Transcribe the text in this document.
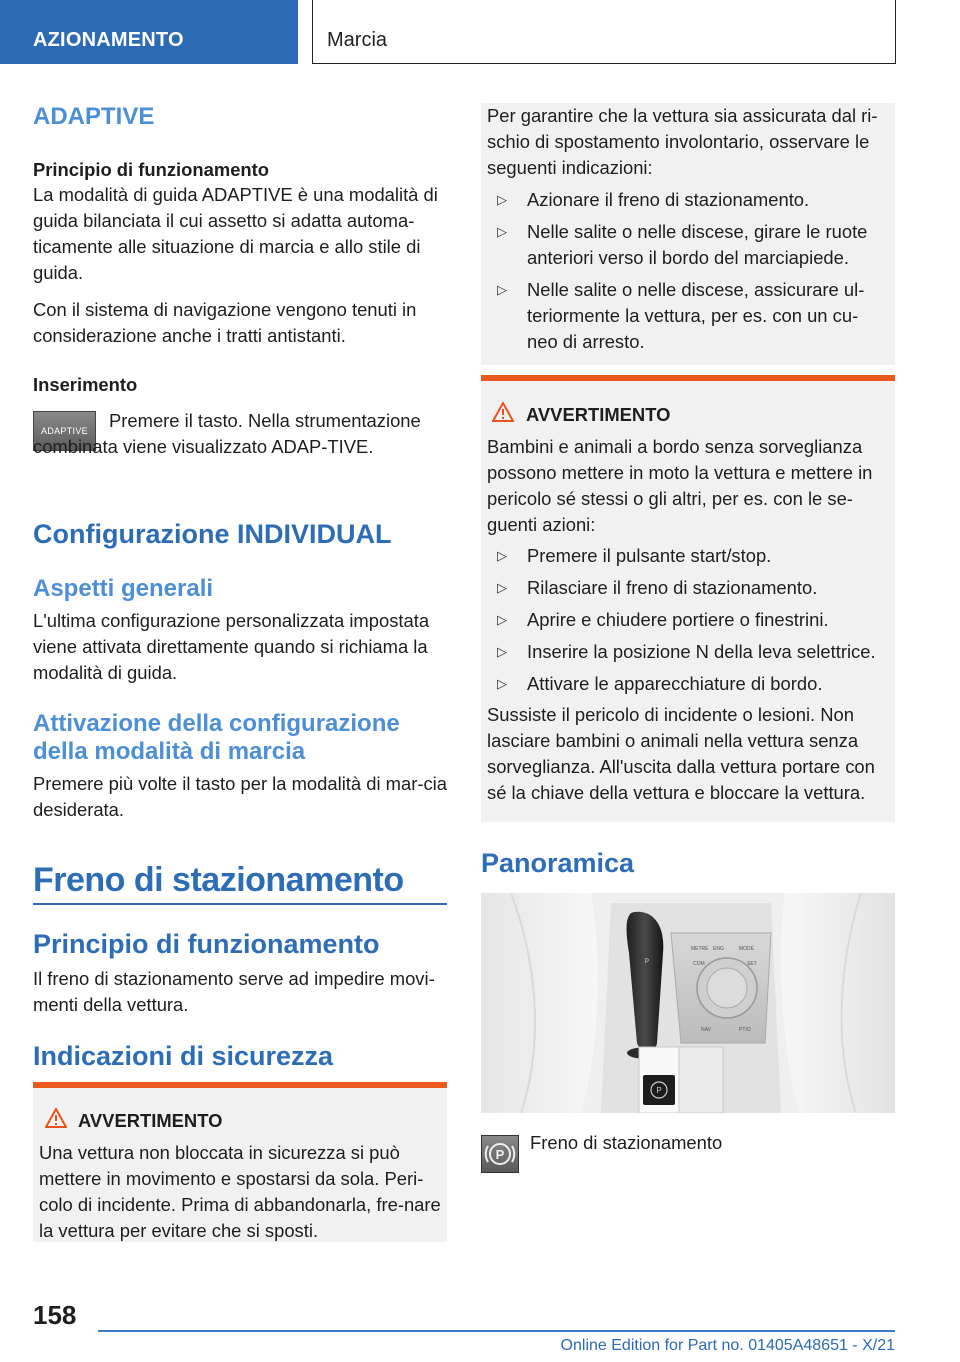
AZIONAMENTO	Marcia
ADAPTIVE
Principio di funzionamento

La modalità di guida ADAPTIVE è una modalità di guida bilanciata il cui assetto si adatta automa-ticamente alle situazione di marcia e allo stile di guida.

Con il sistema di navigazione vengono tenuti in considerazione anche i tratti antistanti.

Inserimento
ADAPTIVE	Premere il tasto. Nella strumentazione combinata viene visualizzato ADAP-TIVE.

Configurazione INDIVIDUAL
Aspetti generali

L'ultima configurazione personalizzata impostata viene attivata direttamente quando si richiama la modalità di guida.

Attivazione della configurazione della modalità di marcia

Premere più volte il tasto per la modalità di mar-cia desiderata.

Freno di stazionamento
Principio di funzionamento

Il freno di stazionamento serve ad impedire movi-menti della vettura.

Indicazioni di sicurezza
AVVERTIMENTO

Una vettura non bloccata in sicurezza si può mettere in movimento e spostarsi da sola. Peri-colo di incidente. Prima di abbandonarla, fre-nare la vettura per evitare che si sposti.

Per garantire che la vettura sia assicurata dal ri-schio di spostamento involontario, osservare le seguenti indicazioni:

▷ Azionare il freno di stazionamento.
▷ Nelle salite o nelle discese, girare le ruote anteriori verso il bordo del marciapiede.
▷ Nelle salite o nelle discese, assicurare ul-teriormente la vettura, per es. con un cu-neo di arresto.
AVVERTIMENTO

Bambini e animali a bordo senza sorveglianza possono mettere in moto la vettura e mettere in pericolo sé stessi o gli altri, per es. con le se-guenti azioni:

▷ Premere il pulsante start/stop.
▷ Rilasciare il freno di stazionamento.
▷ Aprire e chiudere portiere o finestrini.
▷ Inserire la posizione N della leva selettrice.
▷ Attivare le apparecchiature di bordo.

Sussiste il pericolo di incidente o lesioni. Non lasciare bambini o animali nella vettura senza sorveglianza. All'uscita dalla vettura portare con sé la chiave della vettura e bloccare la vettura.

Panoramica
METRE ENG	MODE
COM	SET
NAV	PTIO
P
P
P

Freno di stazionamento

158
Online Edition for Part no. 01405A48651 - X/21
